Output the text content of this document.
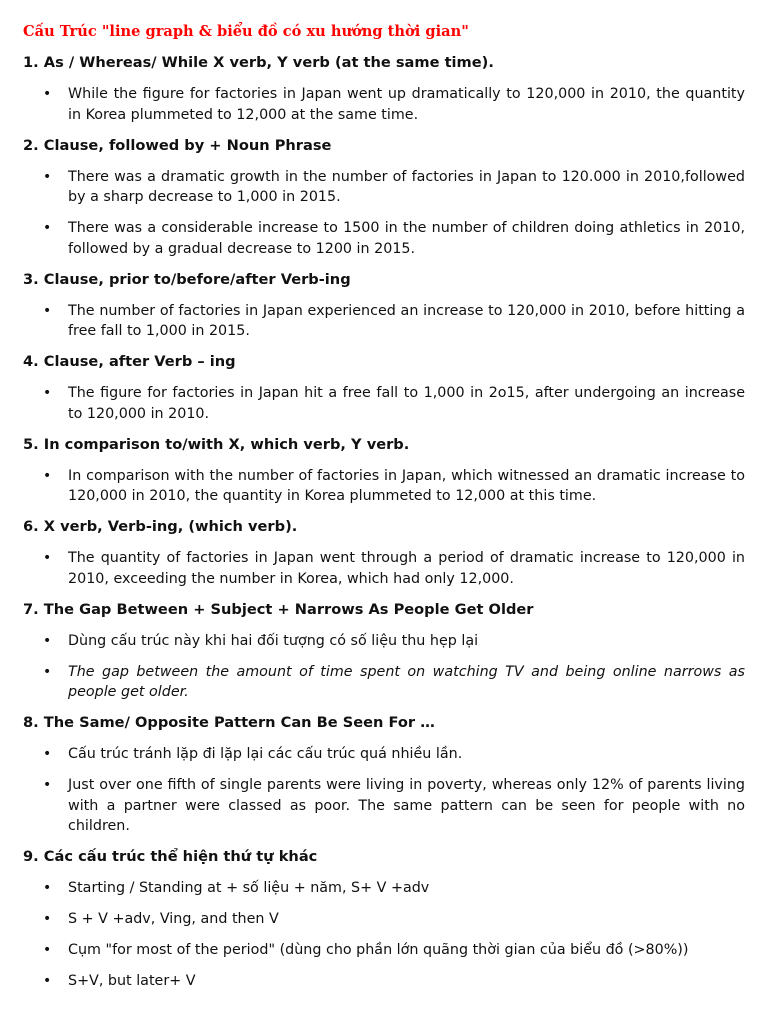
Cấu Trúc "line graph & biểu đồ có xu hướng thời gian"
1. As / Whereas/ While X verb, Y verb (at the same time).
• While the figure for factories in Japan went up dramatically to 120,000 in 2010, the quantity in Korea plummeted to 12,000 at the same time.
2. Clause, followed by + Noun Phrase
• There was a dramatic growth in the number of factories in Japan to 120.000 in 2010,followed by a sharp decrease to 1,000 in 2015.
• There was a considerable increase to 1500 in the number of children doing athletics in 2010, followed by a gradual decrease to 1200 in 2015.
3. Clause, prior to/before/after Verb-ing
• The number of factories in Japan experienced an increase to 120,000 in 2010, before hitting a free fall to 1,000 in 2015.
4. Clause, after Verb – ing
• The figure for factories in Japan hit a free fall to 1,000 in 2o15, after undergoing an increase to 120,000 in 2010.
5. In comparison to/with X, which verb, Y verb.
• In comparison with the number of factories in Japan, which witnessed an dramatic increase to 120,000 in 2010, the quantity in Korea plummeted to 12,000 at this time.
6. X verb, Verb-ing, (which verb).
• The quantity of factories in Japan went through a period of dramatic increase to 120,000 in 2010, exceeding the number in Korea, which had only 12,000.
7. The Gap Between + Subject + Narrows As People Get Older
• Dùng cấu trúc này khi hai đối tượng có số liệu thu hẹp lại
• The gap between the amount of time spent on watching TV and being online narrows as people get older.
8. The Same/ Opposite Pattern Can Be Seen For …
• Cấu trúc tránh lặp đi lặp lại các cấu trúc quá nhiều lần.
• Just over one fifth of single parents were living in poverty, whereas only 12% of parents living with a partner were classed as poor. The same pattern can be seen for people with no children.
9. Các cấu trúc thể hiện thứ tự khác
• Starting / Standing at + số liệu + năm, S+ V +adv
• S + V +adv, Ving, and then V
• Cụm "for most of the period" (dùng cho phần lớn quãng thời gian của biểu đồ (>80%))
• S+V, but later+ V
